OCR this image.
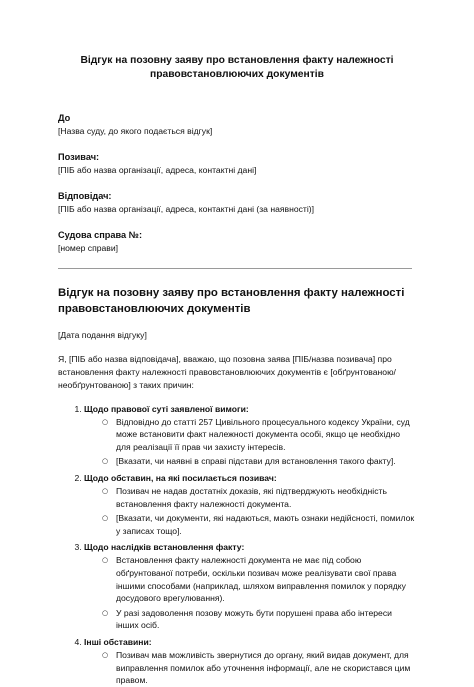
Відгук на позовну заяву про встановлення факту належності правовстановлюючих документів
До
[Назва суду, до якого подається відгук]
Позивач:
[ПІБ або назва організації, адреса, контактні дані]
Відповідач:
[ПІБ або назва організації, адреса, контактні дані (за наявності)]
Судова справа №:
[номер справи]
Відгук на позовну заяву про встановлення факту належності правовстановлюючих документів
[Дата подання відгуку]
Я, [ПІБ або назва відповідача], вважаю, що позовна заява [ПІБ/назва позивача] про встановлення факту належності правовстановлюючих документів є [обґрунтованою/необґрунтованою] з таких причин:
1. Щодо правової суті заявленої вимоги:
○ Відповідно до статті 257 Цивільного процесуального кодексу України, суд може встановити факт належності документа особі, якщо це необхідно для реалізації її прав чи захисту інтересів.
○ [Вказати, чи наявні в справі підстави для встановлення такого факту].
2. Щодо обставин, на які посилається позивач:
○ Позивач не надав достатніх доказів, які підтверджують необхідність встановлення факту належності документа.
○ [Вказати, чи документи, які надаються, мають ознаки недійсності, помилок у записах тощо].
3. Щодо наслідків встановлення факту:
○ Встановлення факту належності документа не має під собою обґрунтованої потреби, оскільки позивач може реалізувати свої права іншими способами (наприклад, шляхом виправлення помилок у порядку досудового врегулювання).
○ У разі задоволення позову можуть бути порушені права або інтереси інших осіб.
4. Інші обставини:
○ Позивач мав можливість звернутися до органу, який видав документ, для виправлення помилок або уточнення інформації, але не скористався цим правом.
